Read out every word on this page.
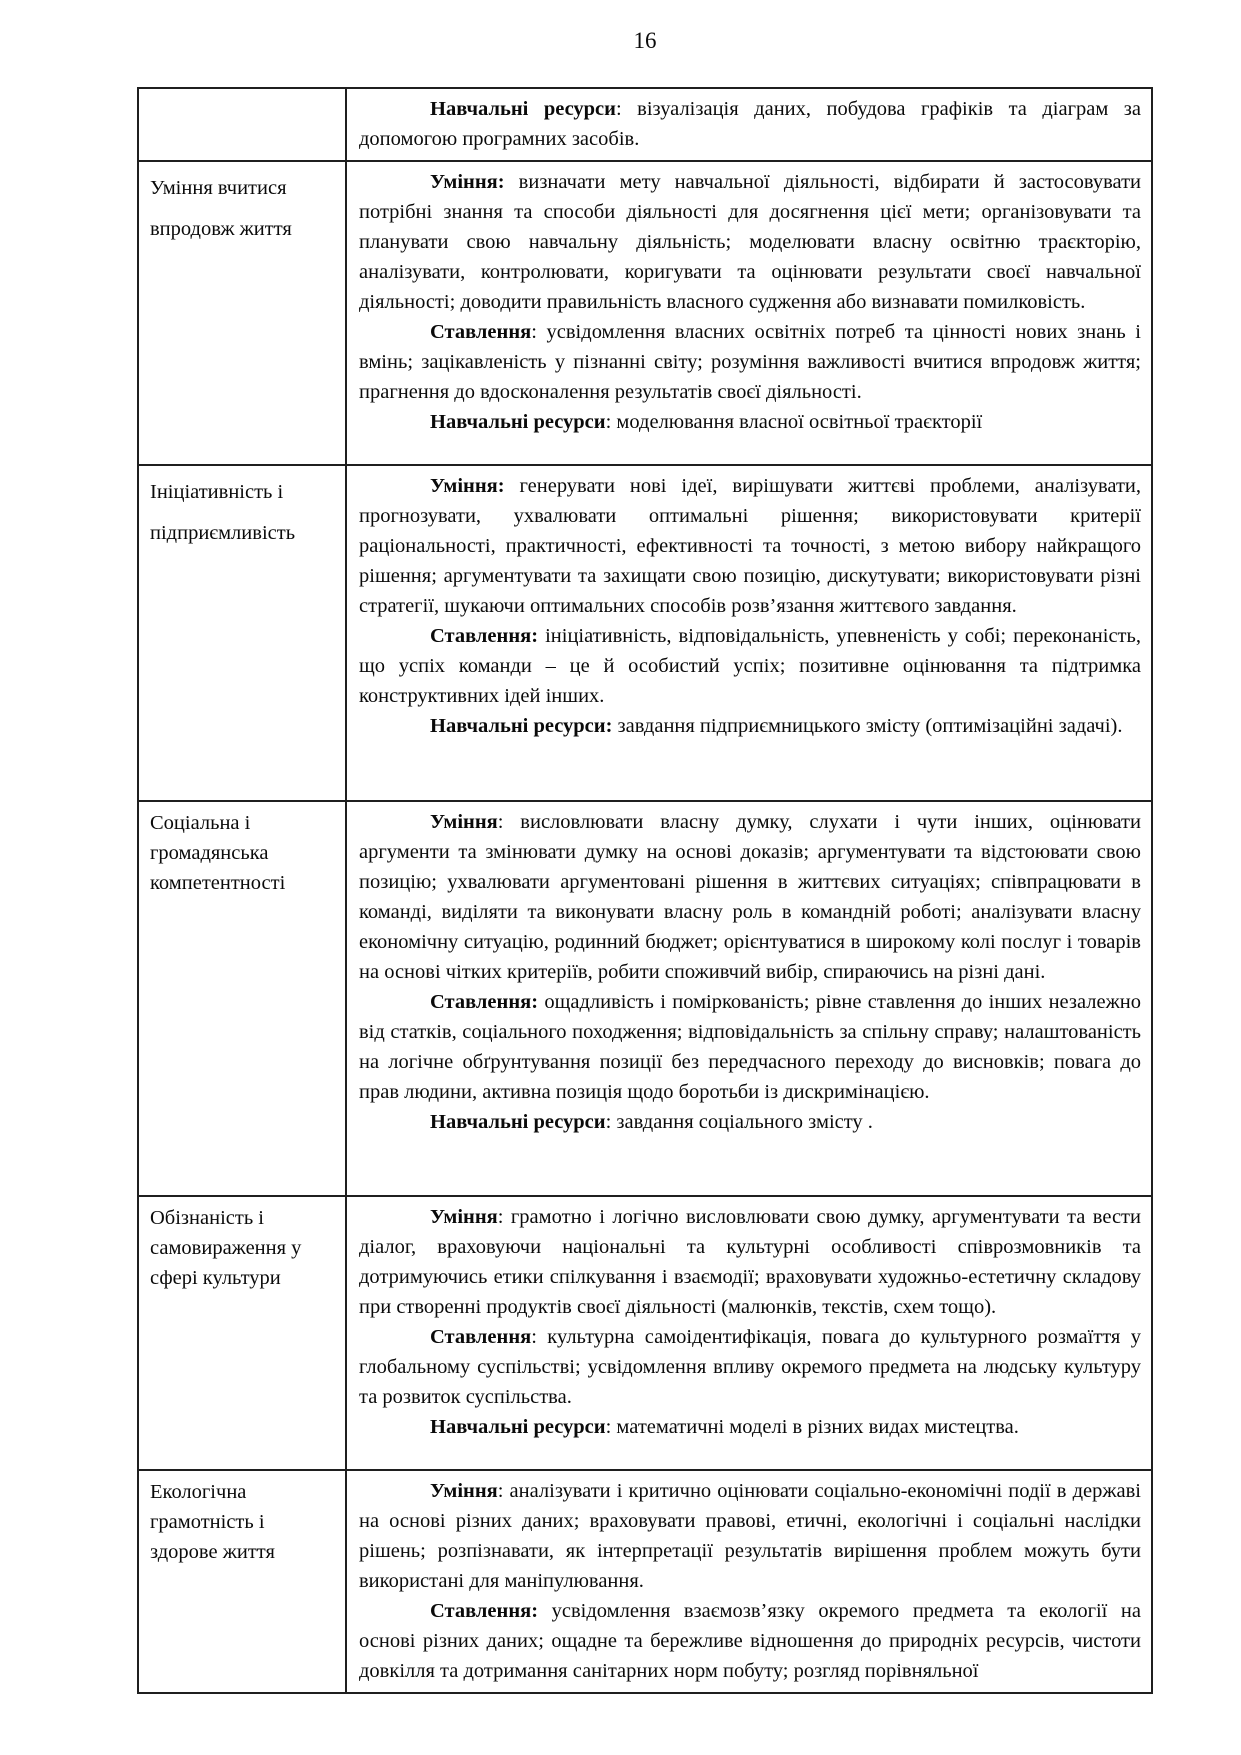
16

	Навчальні ресурси: візуалізація даних, побудова графіків та діаграм за допомогою програмних засобів.

Уміння вчитися впродовж життя	Уміння: визначати мету навчальної діяльності, відбирати й застосовувати потрібні знання та способи діяльності для досягнення цієї мети; організовувати та планувати свою навчальну діяльність; моделювати власну освітню траєкторію, аналізувати, контролювати, коригувати та оцінювати результати своєї навчальної діяльності; доводити правильність власного судження або визнавати помилковість.

Ставлення: усвідомлення власних освітніх потреб та цінності нових знань і вмінь; зацікавленість у пізнанні світу; розуміння важливості вчитися впродовж життя; прагнення до вдосконалення результатів своєї діяльності.

Навчальні ресурси: моделювання власної освітньої траєкторії

Ініціативність і підприємливість	Уміння: генерувати нові ідеї, вирішувати життєві проблеми, аналізувати, прогнозувати, ухвалювати оптимальні рішення; використовувати критерії раціональності, практичності, ефективності та точності, з метою вибору найкращого рішення; аргументувати та захищати свою позицію, дискутувати; використовувати різні стратегії, шукаючи оптимальних способів розв’язання життєвого завдання.

Ставлення: ініціативність, відповідальність, упевненість у собі; переконаність, що успіх команди – це й особистий успіх; позитивне оцінювання та підтримка конструктивних ідей інших.

Навчальні ресурси: завдання підприємницького змісту (оптимізаційні задачі).

Соціальна і громадянська компетентності	Уміння: висловлювати власну думку, слухати і чути інших, оцінювати аргументи та змінювати думку на основі доказів; аргументувати та відстоювати свою позицію; ухвалювати аргументовані рішення в життєвих ситуаціях; співпрацювати в команді, виділяти та виконувати власну роль в командній роботі; аналізувати власну економічну ситуацію, родинний бюджет; орієнтуватися в широкому колі послуг і товарів на основі чітких критеріїв, робити споживчий вибір, спираючись на різні дані.

Ставлення: ощадливість і поміркованість; рівне ставлення до інших незалежно від статків, соціального походження; відповідальність за спільну справу; налаштованість на логічне обґрунтування позиції без передчасного переходу до висновків; повага до прав людини, активна позиція щодо боротьби із дискримінацією.

Навчальні ресурси: завдання соціального змісту .

Обізнаність і самовираження у сфері культури	Уміння: грамотно і логічно висловлювати свою думку, аргументувати та вести діалог, враховуючи національні та культурні особливості співрозмовників та дотримуючись етики спілкування і взаємодії; враховувати художньо-естетичну складову при створенні продуктів своєї діяльності (малюнків, текстів, схем тощо).

Ставлення: культурна самоідентифікація, повага до культурного розмаїття у глобальному суспільстві; усвідомлення впливу окремого предмета на людську культуру та розвиток суспільства.

Навчальні ресурси: математичні моделі в різних видах мистецтва.

Екологічна грамотність і здорове життя	Уміння: аналізувати і критично оцінювати соціально-економічні події в державі на основі різних даних; враховувати правові, етичні, екологічні і соціальні наслідки рішень; розпізнавати, як інтерпретації результатів вирішення проблем можуть бути використані для маніпулювання.

Ставлення: усвідомлення взаємозв’язку окремого предмета та екології на основі різних даних; ощадне та бережливе відношення до природніх ресурсів, чистоти довкілля та дотримання санітарних норм побуту; розгляд порівняльної
